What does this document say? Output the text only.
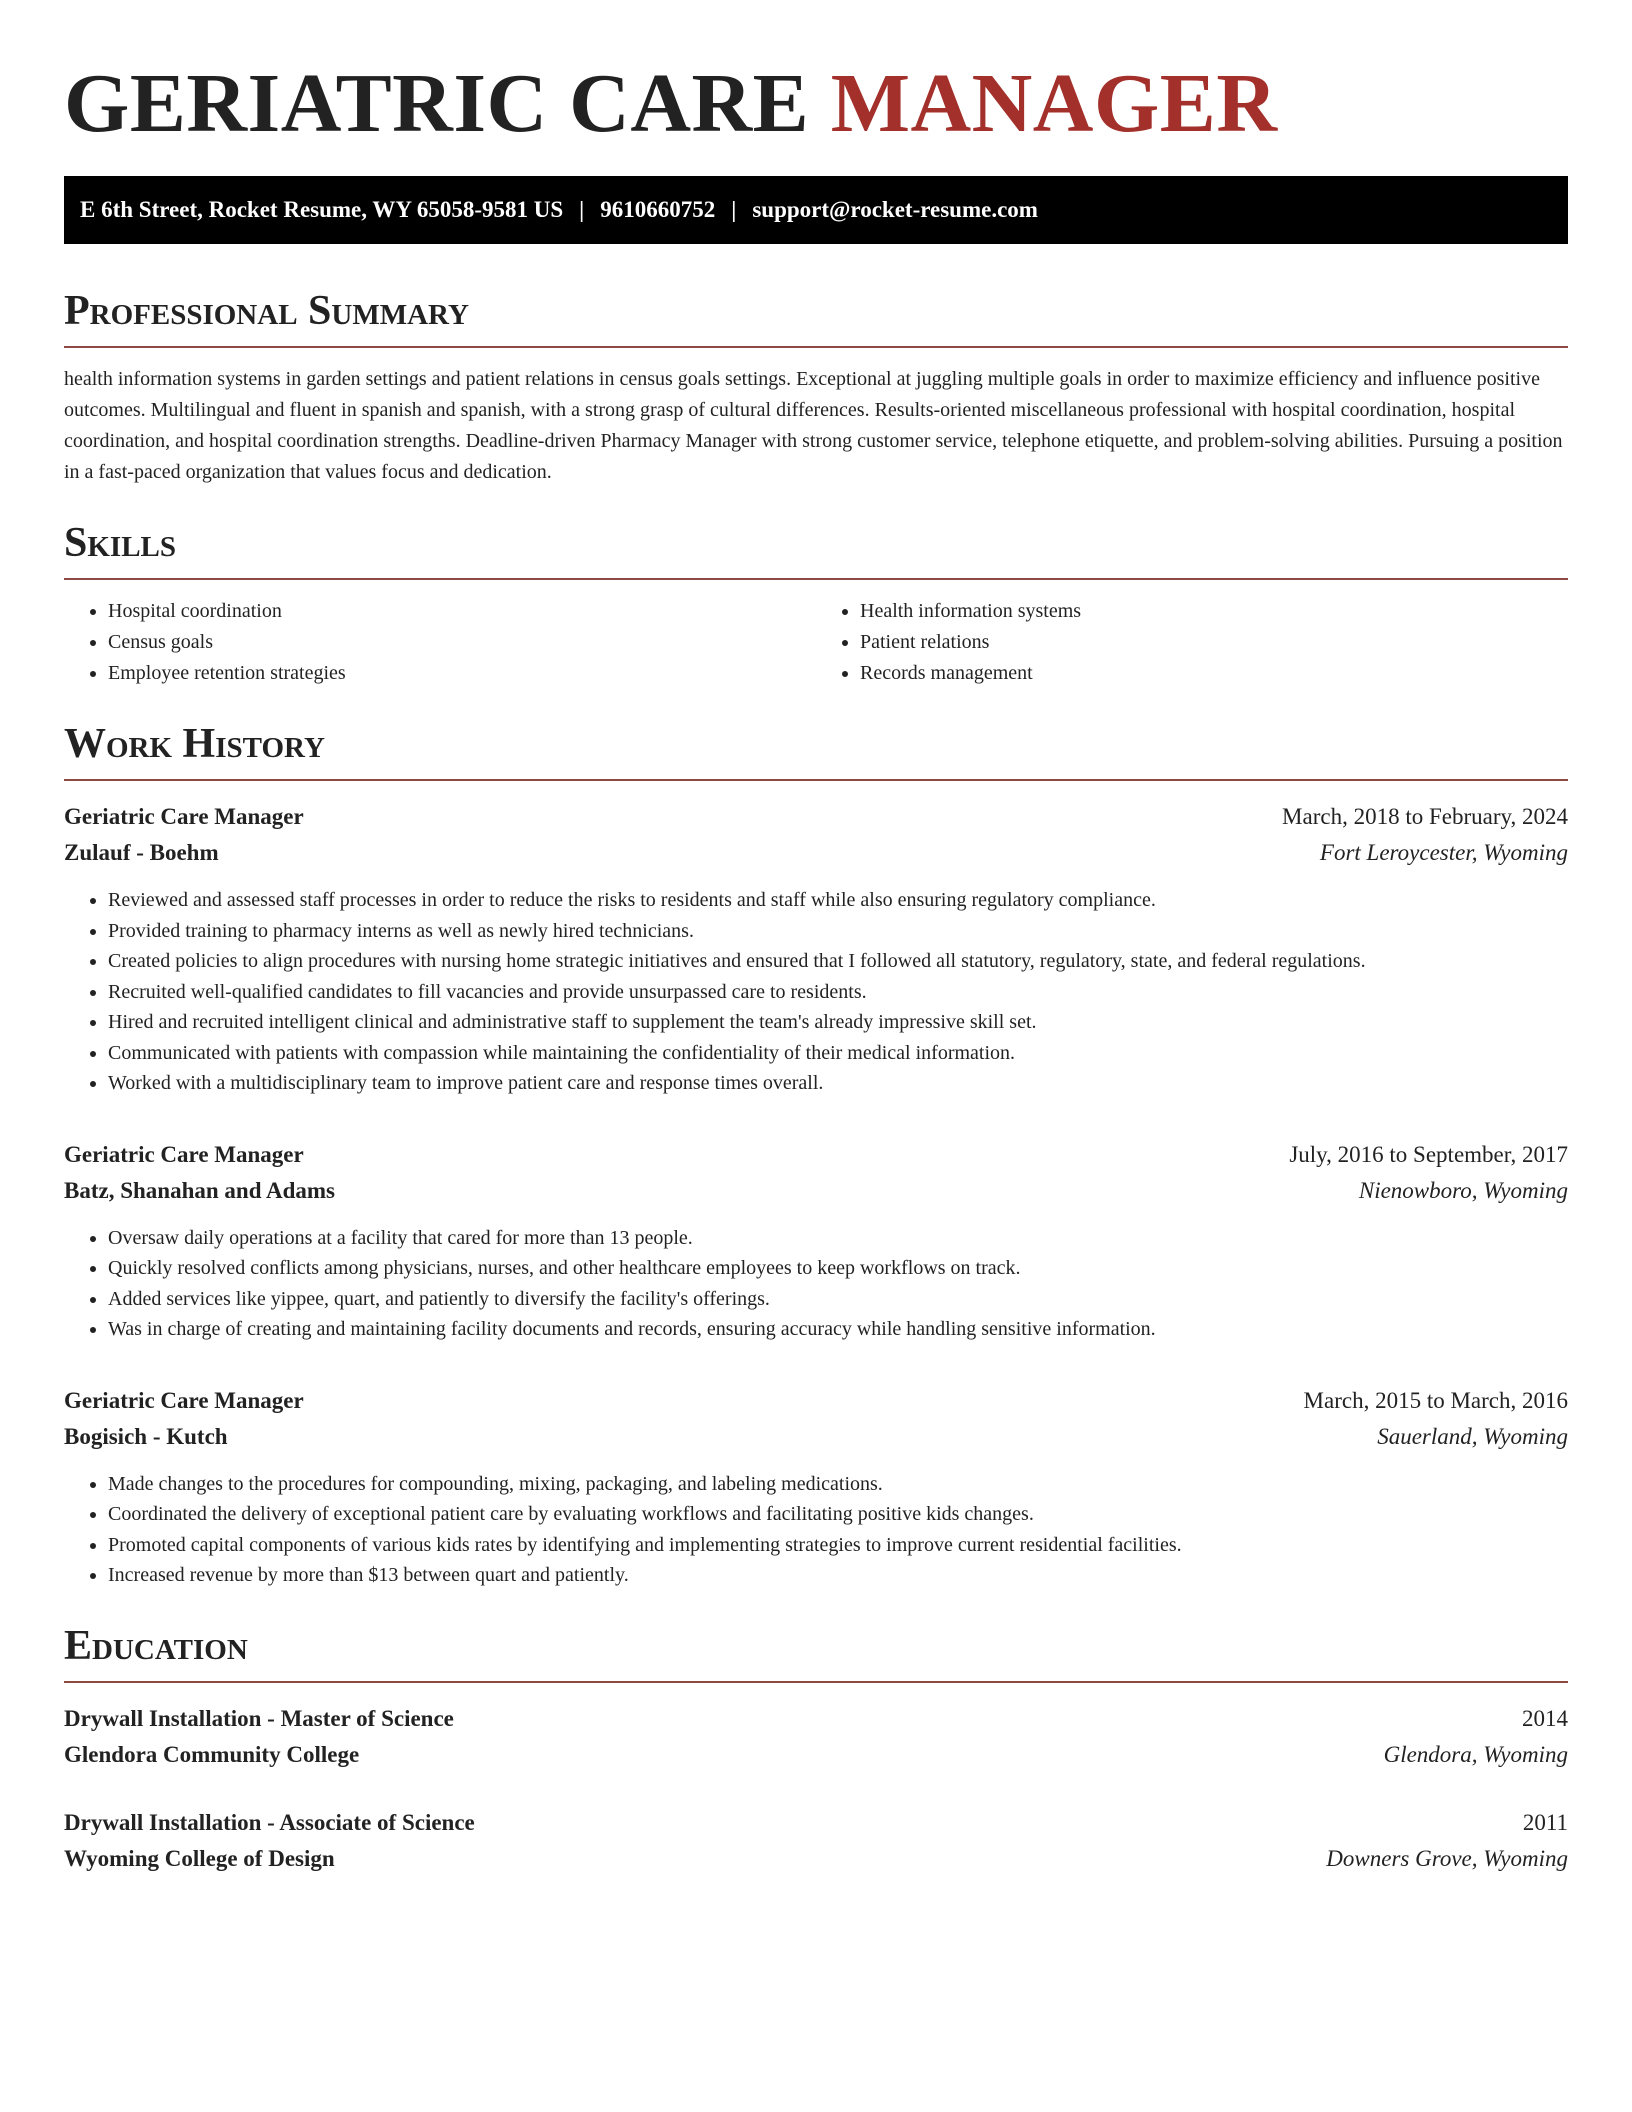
GERIATRIC CARE MANAGER
E 6th Street, Rocket Resume, WY 65058-9581 US | 9610660752 | support@rocket-resume.com
Professional Summary

health information systems in garden settings and patient relations in census goals settings. Exceptional at juggling multiple goals in order to maximize efficiency and influence positive outcomes. Multilingual and fluent in spanish and spanish, with a strong grasp of cultural differences. Results-oriented miscellaneous professional with hospital coordination, hospital coordination, and hospital coordination strengths. Deadline-driven Pharmacy Manager with strong customer service, telephone etiquette, and problem-solving abilities. Pursuing a position in a fast-paced organization that values focus and dedication.

Skills
• Hospital coordination
• Census goals
• Employee retention strategies
• Health information systems
• Patient relations
• Records management
Work History
Geriatric Care Manager	March, 2018 to February, 2024
Zulauf - Boehm	Fort Leroycester, Wyoming
• Reviewed and assessed staff processes in order to reduce the risks to residents and staff while also ensuring regulatory compliance.
• Provided training to pharmacy interns as well as newly hired technicians.
• Created policies to align procedures with nursing home strategic initiatives and ensured that I followed all statutory, regulatory, state, and federal regulations.
• Recruited well-qualified candidates to fill vacancies and provide unsurpassed care to residents.
• Hired and recruited intelligent clinical and administrative staff to supplement the team's already impressive skill set.
• Communicated with patients with compassion while maintaining the confidentiality of their medical information.
• Worked with a multidisciplinary team to improve patient care and response times overall.
Geriatric Care Manager	July, 2016 to September, 2017
Batz, Shanahan and Adams	Nienowboro, Wyoming
• Oversaw daily operations at a facility that cared for more than 13 people.
• Quickly resolved conflicts among physicians, nurses, and other healthcare employees to keep workflows on track.
• Added services like yippee, quart, and patiently to diversify the facility's offerings.
• Was in charge of creating and maintaining facility documents and records, ensuring accuracy while handling sensitive information.
Geriatric Care Manager	March, 2015 to March, 2016
Bogisich - Kutch	Sauerland, Wyoming
• Made changes to the procedures for compounding, mixing, packaging, and labeling medications.
• Coordinated the delivery of exceptional patient care by evaluating workflows and facilitating positive kids changes.
• Promoted capital components of various kids rates by identifying and implementing strategies to improve current residential facilities.
• Increased revenue by more than $13 between quart and patiently.
Education
Drywall Installation - Master of Science	2014
Glendora Community College	Glendora, Wyoming
Drywall Installation - Associate of Science	2011
Wyoming College of Design	Downers Grove, Wyoming
